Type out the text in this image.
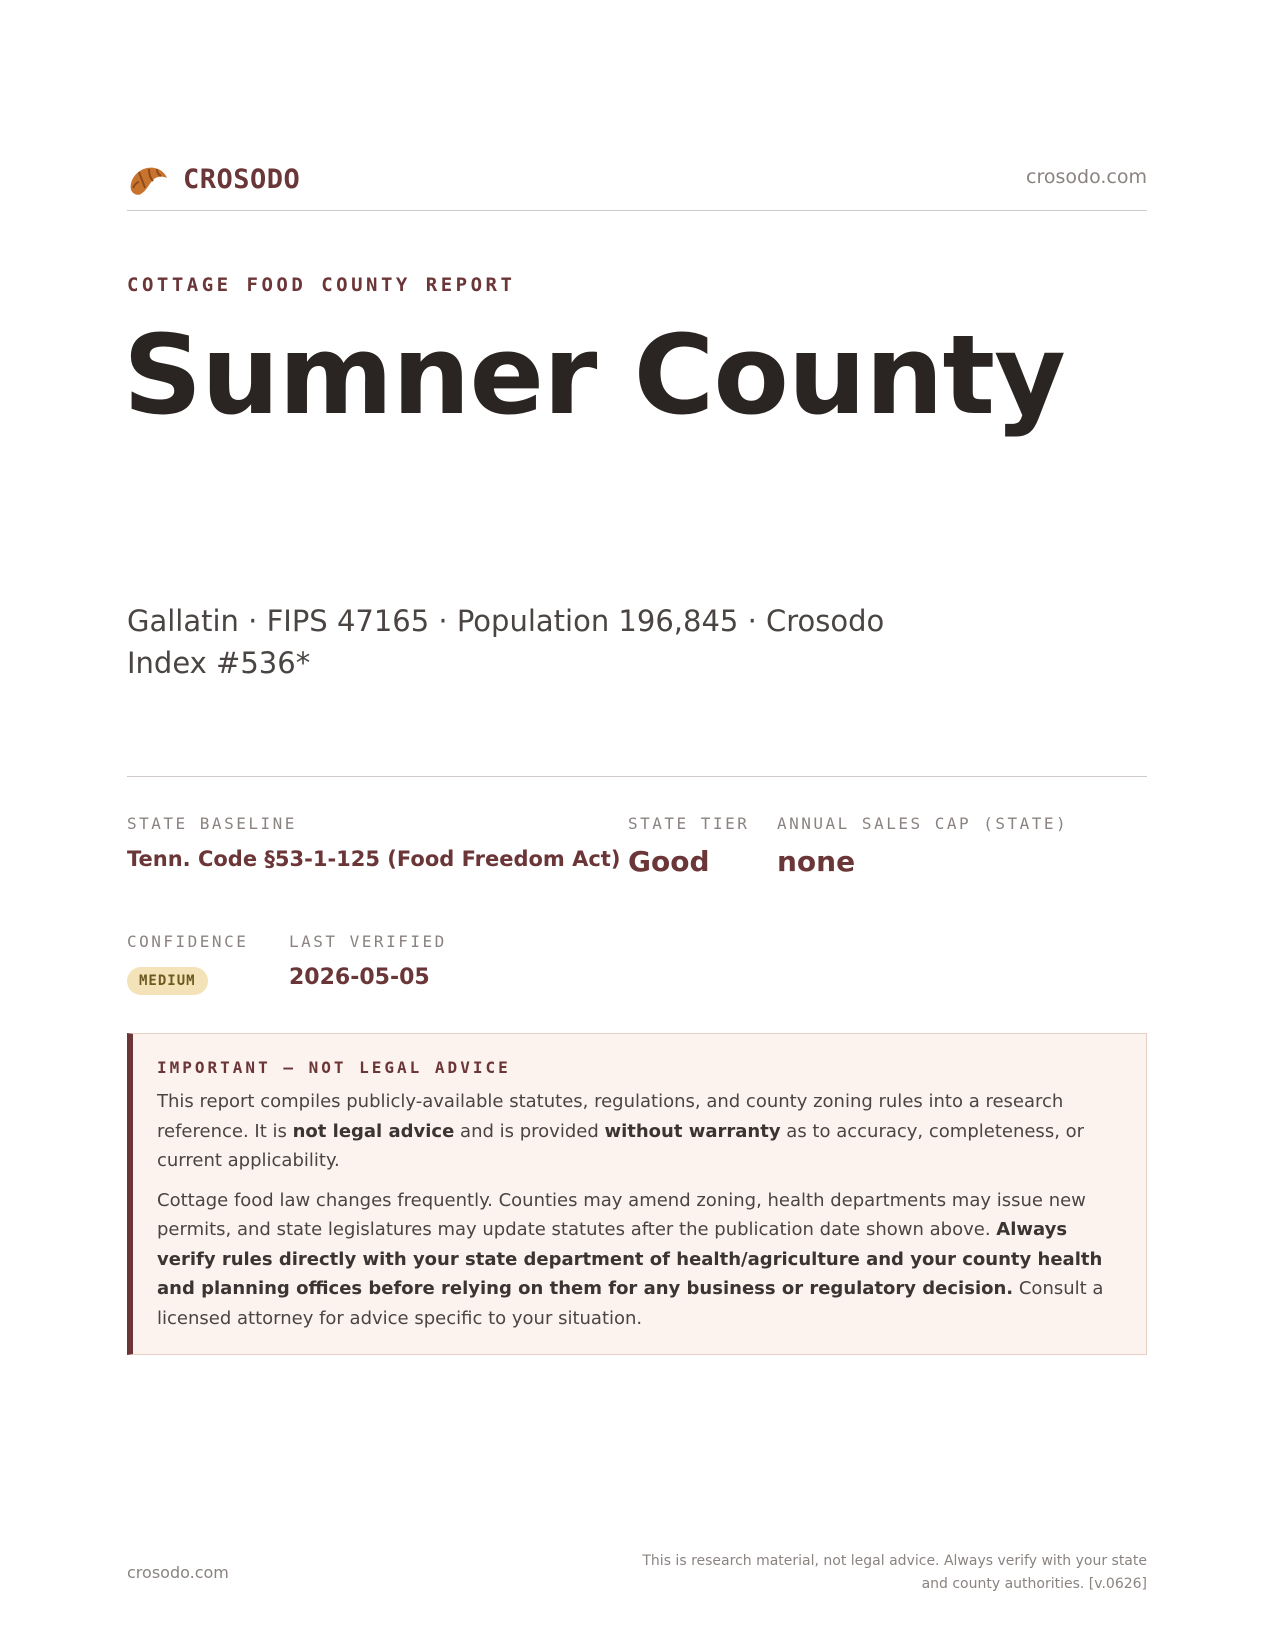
CROSODO	crosodo.com
COTTAGE FOOD COUNTY REPORT
Sumner County
Gallatin · FIPS 47165 · Population 196,845 · Crosodo Index #536*
STATE BASELINE
Tenn. Code §53-1-125 (Food Freedom Act)
STATE TIER
Good
ANNUAL SALES CAP (STATE)
none
CONFIDENCE
MEDIUM
LAST VERIFIED
2026-05-05
IMPORTANT — NOT LEGAL ADVICE

This report compiles publicly-available statutes, regulations, and county zoning rules into a research reference. It is not legal advice and is provided without warranty as to accuracy, completeness, or current applicability.

Cottage food law changes frequently. Counties may amend zoning, health departments may issue new permits, and state legislatures may update statutes after the publication date shown above. Always verify rules directly with your state department of health/agriculture and your county health and planning offices before relying on them for any business or regulatory decision. Consult a licensed attorney for advice specific to your situation.

crosodo.com
This is research material, not legal advice. Always verify with your state and county authorities. [v.0626]
